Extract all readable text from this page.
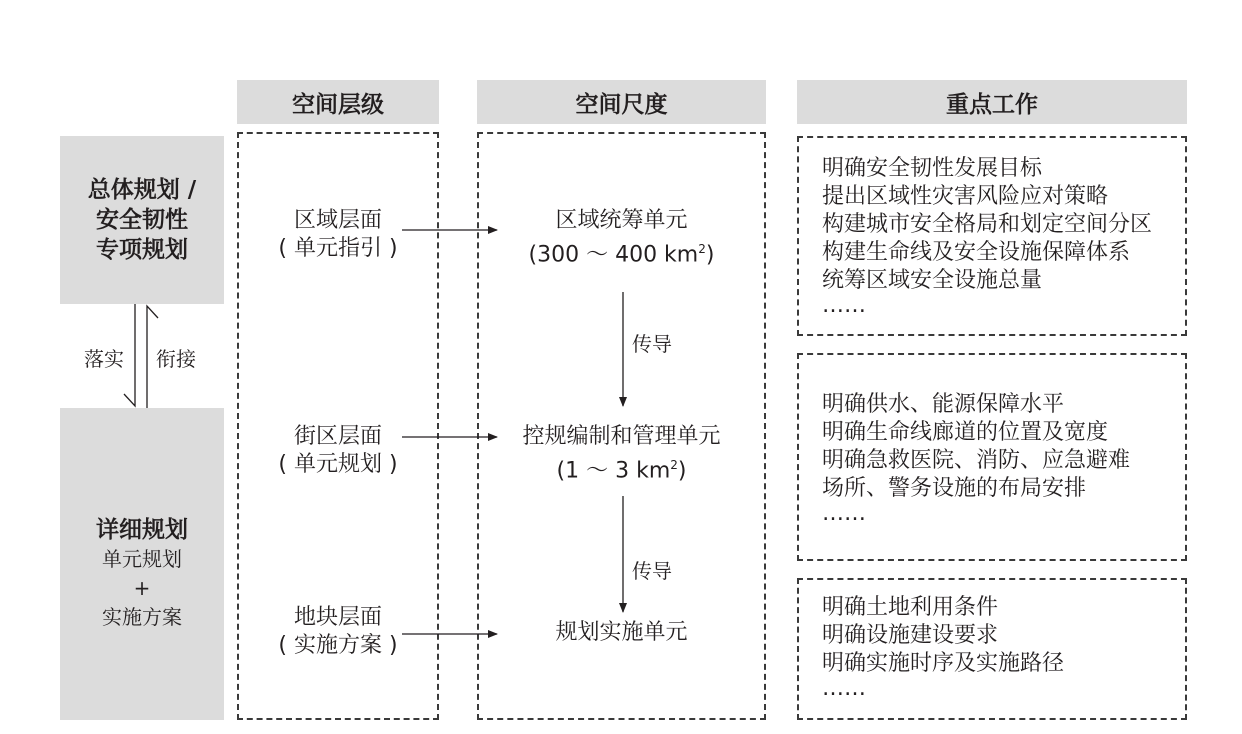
空间层级	空间尺度	重点工作
总体规划 /
安全韧性
专项规划
详细规划
单元规划
+
实施方案
落实 衔接
区域层面
( 单元指引 )
街区层面
( 单元规划 )
地块层面
( 实施方案 )
区域统筹单元
(300 ～ 400 $km^2$)
控规编制和管理单元
(1 ～ 3 $km^2$)
规划实施单元
传导
传导
明确安全韧性发展目标
提出区域性灾害风险应对策略
构建城市安全格局和划定空间分区
构建生命线及安全设施保障体系
统筹区域安全设施总量
……
明确供水、能源保障水平
明确生命线廊道的位置及宽度
明确急救医院、消防、应急避难
场所、警务设施的布局安排
……
明确土地利用条件
明确设施建设要求
明确实施时序及实施路径
……
